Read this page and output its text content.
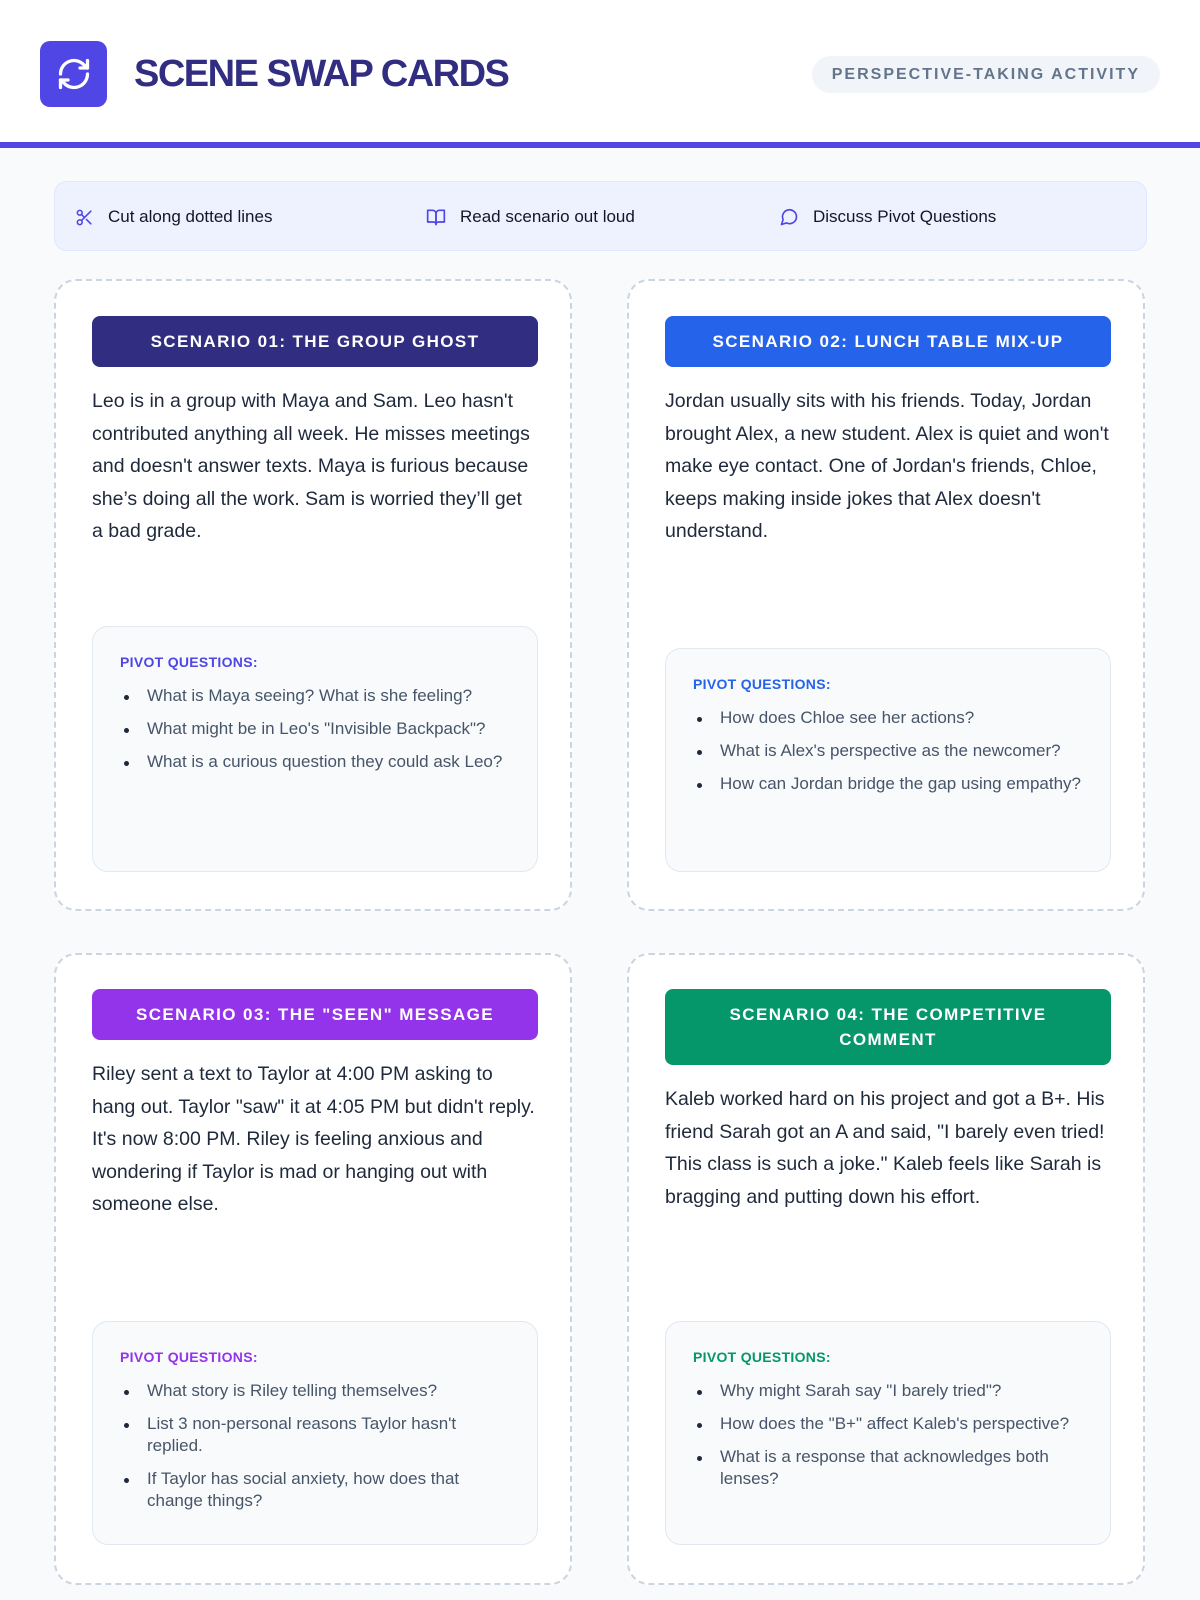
SCENE SWAP CARDS	PERSPECTIVE-TAKING ACTIVITY
Cut along dotted lines	Read scenario out loud	Discuss Pivot Questions
SCENARIO 01: THE GROUP GHOST
Leo is in a group with Maya and Sam. Leo hasn't contributed anything all week. He misses meetings and doesn't answer texts. Maya is furious because she’s doing all the work. Sam is worried they’ll get a bad grade.
PIVOT QUESTIONS:
What is Maya seeing? What is she feeling?
What might be in Leo's "Invisible Backpack"?
What is a curious question they could ask Leo?
SCENARIO 02: LUNCH TABLE MIX-UP
Jordan usually sits with his friends. Today, Jordan brought Alex, a new student. Alex is quiet and won't make eye contact. One of Jordan's friends, Chloe, keeps making inside jokes that Alex doesn't understand.
PIVOT QUESTIONS:
How does Chloe see her actions?
What is Alex's perspective as the newcomer?
How can Jordan bridge the gap using empathy?
SCENARIO 03: THE "SEEN" MESSAGE
Riley sent a text to Taylor at 4:00 PM asking to hang out. Taylor "saw" it at 4:05 PM but didn't reply. It's now 8:00 PM. Riley is feeling anxious and wondering if Taylor is mad or hanging out with someone else.
PIVOT QUESTIONS:
What story is Riley telling themselves?
List 3 non-personal reasons Taylor hasn't replied.
If Taylor has social anxiety, how does that change things?
SCENARIO 04: THE COMPETITIVE COMMENT
Kaleb worked hard on his project and got a B+. His friend Sarah got an A and said, "I barely even tried! This class is such a joke." Kaleb feels like Sarah is bragging and putting down his effort.
PIVOT QUESTIONS:
Why might Sarah say "I barely tried"?
How does the "B+" affect Kaleb's perspective?
What is a response that acknowledges both lenses?
